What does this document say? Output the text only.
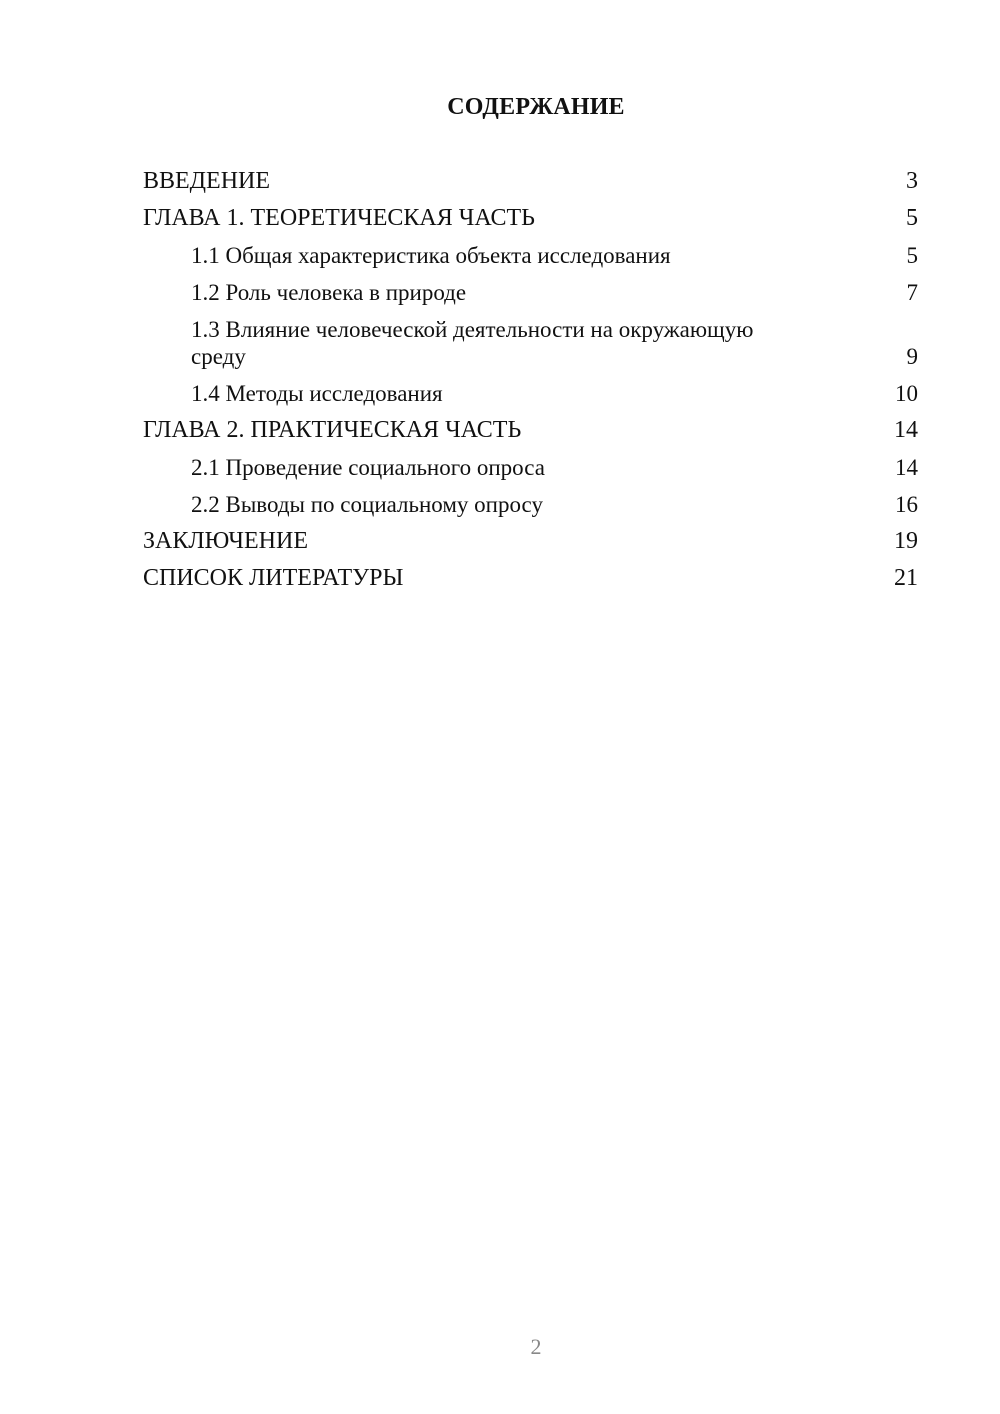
СОДЕРЖАНИЕ
ВВЕДЕНИЕ	3
ГЛАВА 1. ТЕОРЕТИЧЕСКАЯ ЧАСТЬ	5
1.1 Общая характеристика объекта исследования	5
1.2 Роль человека в природе	7
1.3 Влияние человеческой деятельности на окружающую среду	9
1.4 Методы исследования	10
ГЛАВА 2. ПРАКТИЧЕСКАЯ ЧАСТЬ	14
2.1 Проведение социального опроса	14
2.2 Выводы по социальному опросу	16
ЗАКЛЮЧЕНИЕ	19
СПИСОК ЛИТЕРАТУРЫ	21
2
